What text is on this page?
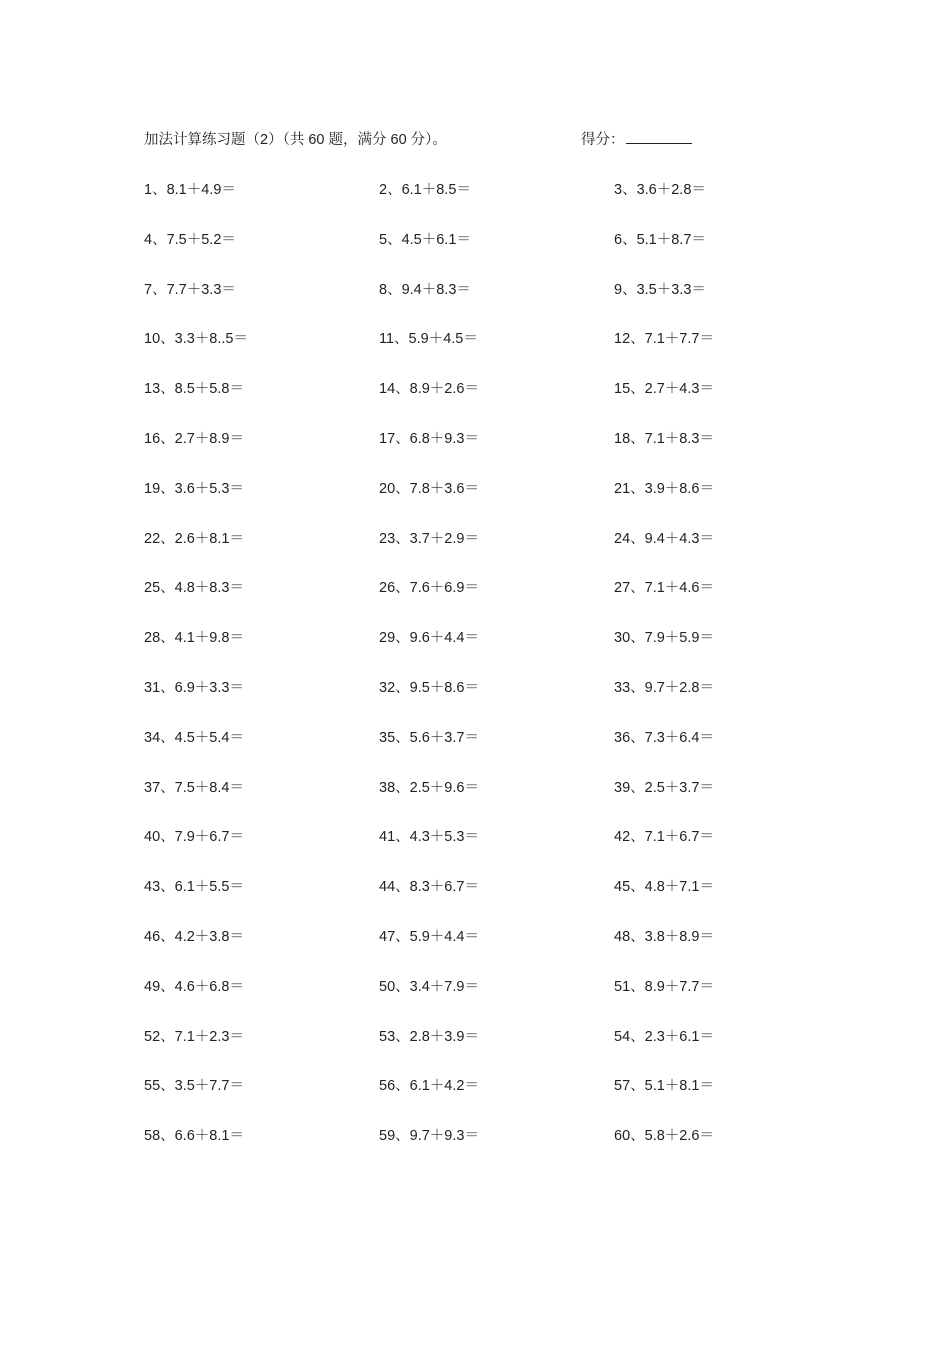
加法计算练习题（2）（共 60 题，满分 60 分）。	得分：
1、8.1＋4.9＝	2、6.1＋8.5＝	3、3.6＋2.8＝
4、7.5＋5.2＝	5、4.5＋6.1＝	6、5.1＋8.7＝
7、7.7＋3.3＝	8、9.4＋8.3＝	9、3.5＋3.3＝
10、3.3＋8..5＝	11、5.9＋4.5＝	12、7.1＋7.7＝
13、8.5＋5.8＝	14、8.9＋2.6＝	15、2.7＋4.3＝
16、2.7＋8.9＝	17、6.8＋9.3＝	18、7.1＋8.3＝
19、3.6＋5.3＝	20、7.8＋3.6＝	21、3.9＋8.6＝
22、2.6＋8.1＝	23、3.7＋2.9＝	24、9.4＋4.3＝
25、4.8＋8.3＝	26、7.6＋6.9＝	27、7.1＋4.6＝
28、4.1＋9.8＝	29、9.6＋4.4＝	30、7.9＋5.9＝
31、6.9＋3.3＝	32、9.5＋8.6＝	33、9.7＋2.8＝
34、4.5＋5.4＝	35、5.6＋3.7＝	36、7.3＋6.4＝
37、7.5＋8.4＝	38、2.5＋9.6＝	39、2.5＋3.7＝
40、7.9＋6.7＝	41、4.3＋5.3＝	42、7.1＋6.7＝
43、6.1＋5.5＝	44、8.3＋6.7＝	45、4.8＋7.1＝
46、4.2＋3.8＝	47、5.9＋4.4＝	48、3.8＋8.9＝
49、4.6＋6.8＝	50、3.4＋7.9＝	51、8.9＋7.7＝
52、7.1＋2.3＝	53、2.8＋3.9＝	54、2.3＋6.1＝
55、3.5＋7.7＝	56、6.1＋4.2＝	57、5.1＋8.1＝
58、6.6＋8.1＝	59、9.7＋9.3＝	60、5.8＋2.6＝
